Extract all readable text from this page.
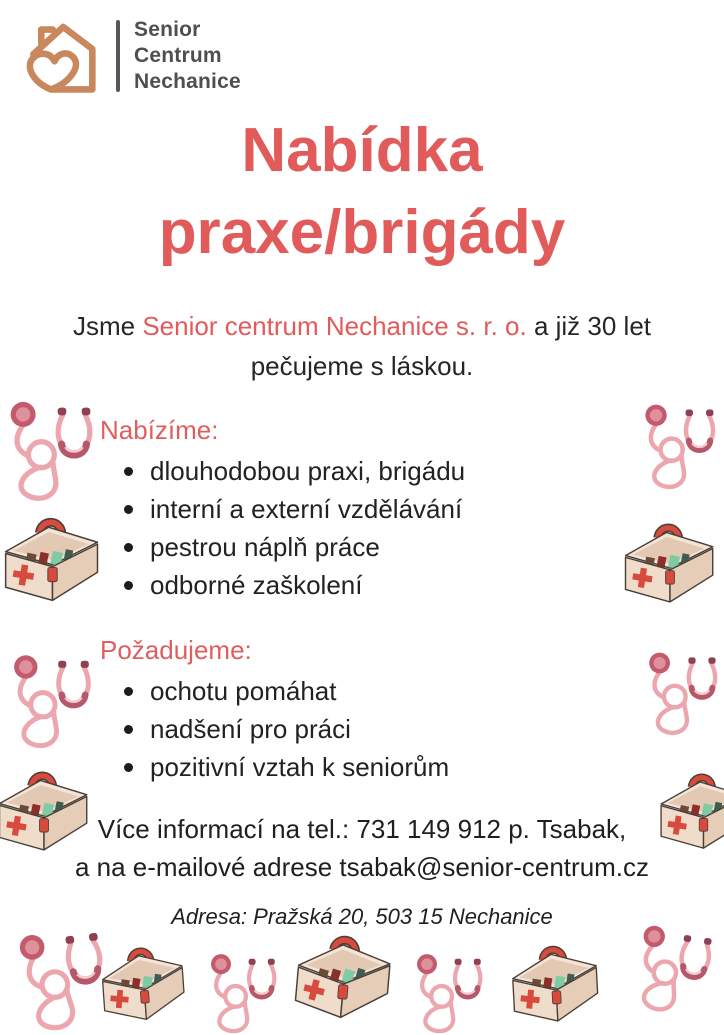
Senior
Centrum
Nechanice
Nabídka
praxe/brigády
Jsme Senior centrum Nechanice s. r. o. a již 30 let pečujeme s láskou.
Nabízíme:
dlouhodobou praxi, brigádu
interní a externí vzdělávání
pestrou náplň práce
odborné zaškolení
Požadujeme:
ochotu pomáhat
nadšení pro práci
pozitivní vztah k seniorům
Více informací na tel.: 731 149 912 p. Tsabak,
a na e-mailové adrese tsabak@senior-centrum.cz
Adresa: Pražská 20, 503 15 Nechanice
